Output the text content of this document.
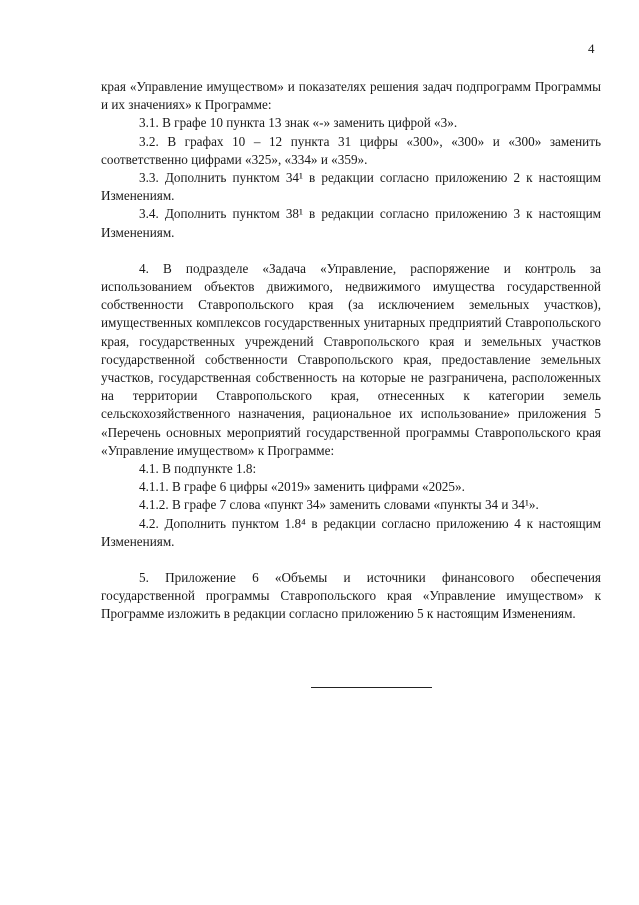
4

края «Управление имуществом» и показателях решения задач подпрограмм Программы и их значениях» к Программе:

3.1. В графе 10 пункта 13 знак «-» заменить цифрой «3».

3.2. В графах 10 – 12 пункта 31 цифры «300», «300» и «300» заменить соответственно цифрами «325», «334» и «359».

3.3. Дополнить пунктом 34¹ в редакции согласно приложению 2 к настоящим Изменениям.

3.4. Дополнить пунктом 38¹ в редакции согласно приложению 3 к настоящим Изменениям.

4. В подразделе «Задача «Управление, распоряжение и контроль за использованием объектов движимого, недвижимого имущества государственной собственности Ставропольского края (за исключением земельных участков), имущественных комплексов государственных унитарных предприятий Ставропольского края, государственных учреждений Ставропольского края и земельных участков государственной собственности Ставропольского края, предоставление земельных участков, государственная собственность на которые не разграничена, расположенных на территории Ставропольского края, отнесенных к категории земель сельскохозяйственного назначения, рациональное их использование» приложения 5 «Перечень основных мероприятий государственной программы Ставропольского края «Управление имуществом» к Программе:

4.1. В подпункте 1.8:

4.1.1. В графе 6 цифры «2019» заменить цифрами «2025».

4.1.2. В графе 7 слова «пункт 34» заменить словами «пункты 34 и 34¹».

4.2. Дополнить пунктом 1.8⁴ в редакции согласно приложению 4 к настоящим Изменениям.

5. Приложение 6 «Объемы и источники финансового обеспечения государственной программы Ставропольского края «Управление имуществом» к Программе изложить в редакции согласно приложению 5 к настоящим Изменениям.
